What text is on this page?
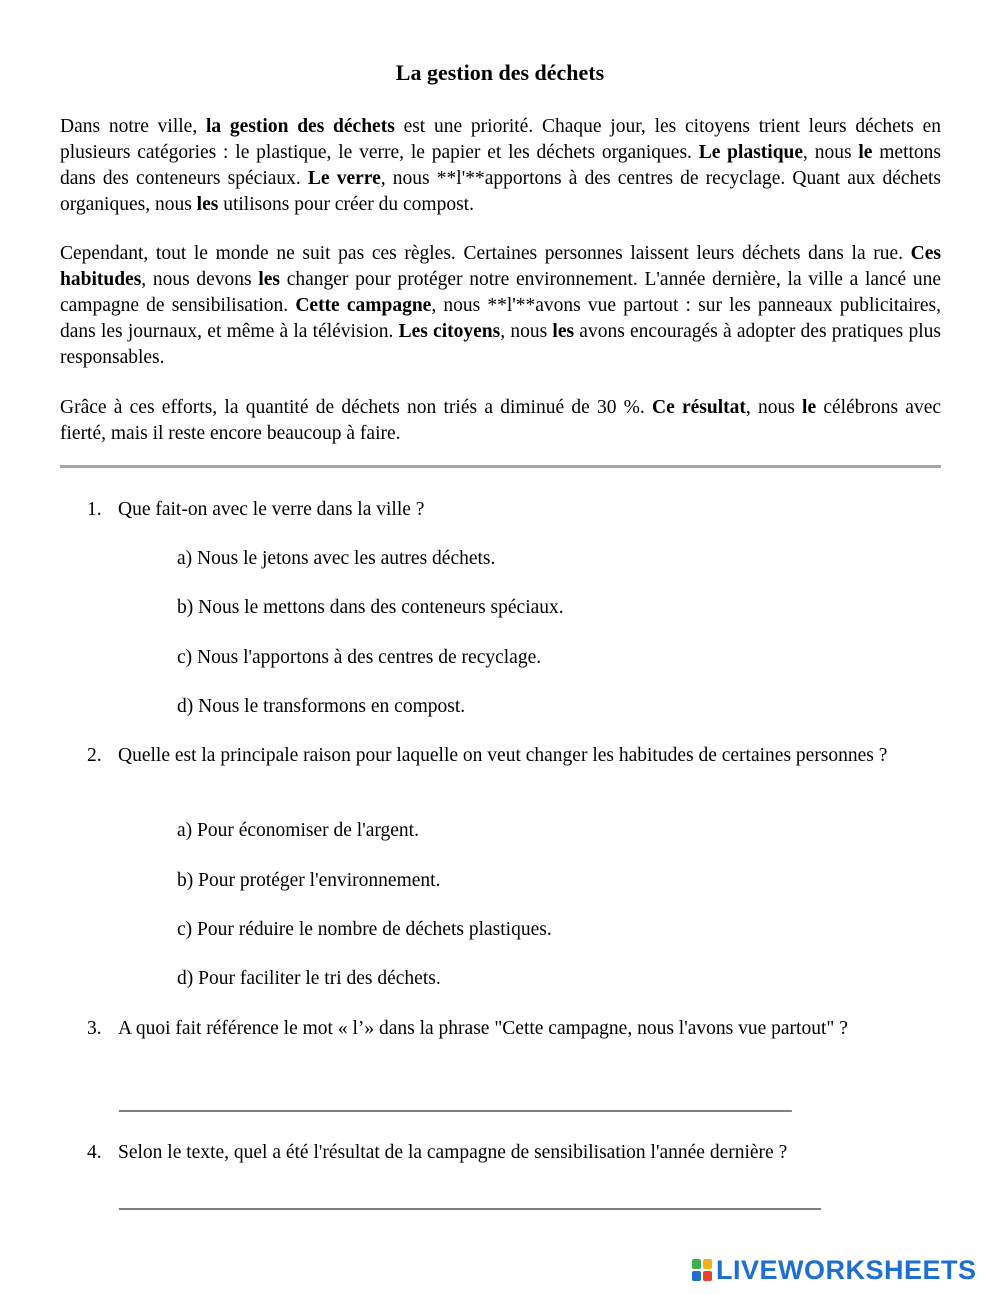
La gestion des déchets

Dans notre ville, la gestion des déchets est une priorité. Chaque jour, les citoyens trient leurs déchets en plusieurs catégories : le plastique, le verre, le papier et les déchets organiques. Le plastique, nous le mettons dans des conteneurs spéciaux. Le verre, nous **l'**apportons à des centres de recyclage. Quant aux déchets organiques, nous les utilisons pour créer du compost.

Cependant, tout le monde ne suit pas ces règles. Certaines personnes laissent leurs déchets dans la rue. Ces habitudes, nous devons les changer pour protéger notre environnement. L'année dernière, la ville a lancé une campagne de sensibilisation. Cette campagne, nous **l'**avons vue partout : sur les panneaux publicitaires, dans les journaux, et même à la télévision. Les citoyens, nous les avons encouragés à adopter des pratiques plus responsables.

Grâce à ces efforts, la quantité de déchets non triés a diminué de 30 %. Ce résultat, nous le célébrons avec fierté, mais il reste encore beaucoup à faire.

1. Que fait-on avec le verre dans la ville ?
a) Nous le jetons avec les autres déchets.
b) Nous le mettons dans des conteneurs spéciaux.
c) Nous l'apportons à des centres de recyclage.
d) Nous le transformons en compost.
2. Quelle est la principale raison pour laquelle on veut changer les habitudes de certaines personnes ?
a) Pour économiser de l'argent.
b) Pour protéger l'environnement.
c) Pour réduire le nombre de déchets plastiques.
d) Pour faciliter le tri des déchets.
3. A quoi fait référence le mot « l’» dans la phrase "Cette campagne, nous l'avons vue partout" ?
_____________________________________________________________________
4. Selon le texte, quel a été l'résultat de la campagne de sensibilisation l'année dernière ?
________________________________________________________________________
LIVEWORKSHEETS
